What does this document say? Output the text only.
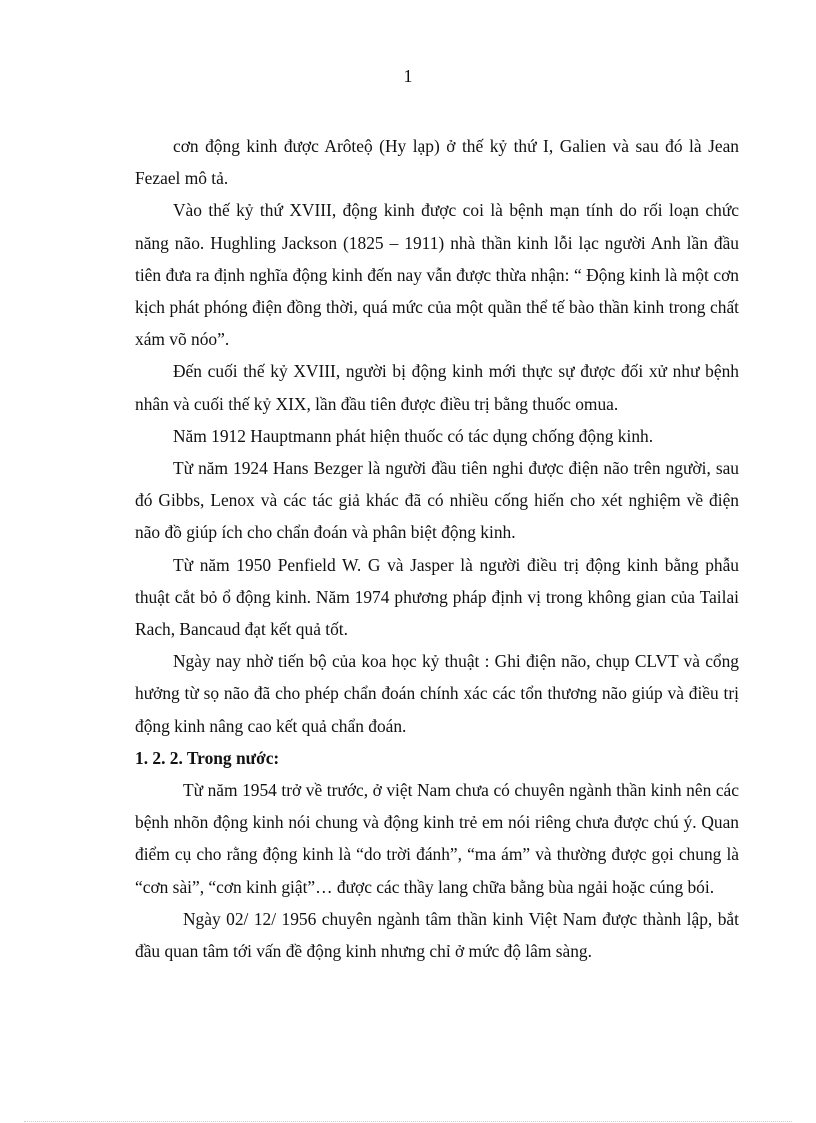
1

cơn động kinh được Arôteộ (Hy lạp) ở thế kỷ thứ I, Galien và sau đó là Jean Fezael mô tả.

Vào thế kỷ thứ XVIII, động kinh được coi là bệnh mạn tính do rối loạn chức năng não. Hughling Jackson (1825 – 1911) nhà thần kinh lỗi lạc người Anh lần đầu tiên đưa ra định nghĩa động kinh đến nay vẫn được thừa nhận: “ Động kinh là một cơn kịch phát phóng điện đồng thời, quá mức của một quần thể tế bào thần kinh trong chất xám võ nóo”.

Đến cuối thế kỷ XVIII, người bị động kinh mới thực sự được đối xử như bệnh nhân và cuối thế kỷ XIX, lần đầu tiên được điều trị bằng thuốc omua.

Năm 1912 Hauptmann phát hiện thuốc có tác dụng chống động kinh.

Từ năm 1924 Hans Bezger là người đầu tiên nghi được điện não trên người, sau đó Gibbs, Lenox và các tác giả khác đã có nhiều cống hiến cho xét nghiệm về điện não đồ giúp ích cho chẩn đoán và phân biệt động kinh.

Từ năm 1950 Penfield W. G và Jasper là người điều trị động kinh bằng phẫu thuật cắt bỏ ổ động kinh. Năm 1974 phương pháp định vị trong không gian của Tailai Rach, Bancaud đạt kết quả tốt.

Ngày nay nhờ tiến bộ của koa học kỷ thuật : Ghi điện não, chụp CLVT và cổng hưởng từ sọ não đã cho phép chẩn đoán chính xác các tổn thương não giúp và điều trị động kinh nâng cao kết quả chẩn đoán.

1. 2. 2. Trong nước:

Từ năm 1954 trở về trước, ở việt Nam chưa có chuyên ngành thần kinh nên các bệnh nhõn động kinh nói chung và động kinh trẻ em nói riêng chưa được chú ý. Quan điểm cụ cho rằng động kinh là “do trời đánh”, “ma ám” và thường được gọi chung là “cơn sài”, “cơn kinh giật”… được các thầy lang chữa bằng bùa ngải hoặc cúng bói.

Ngày 02/ 12/ 1956 chuyên ngành tâm thần kinh Việt Nam được thành lập, bắt đầu quan tâm tới vấn đề động kinh nhưng chỉ ở mức độ lâm sàng.
